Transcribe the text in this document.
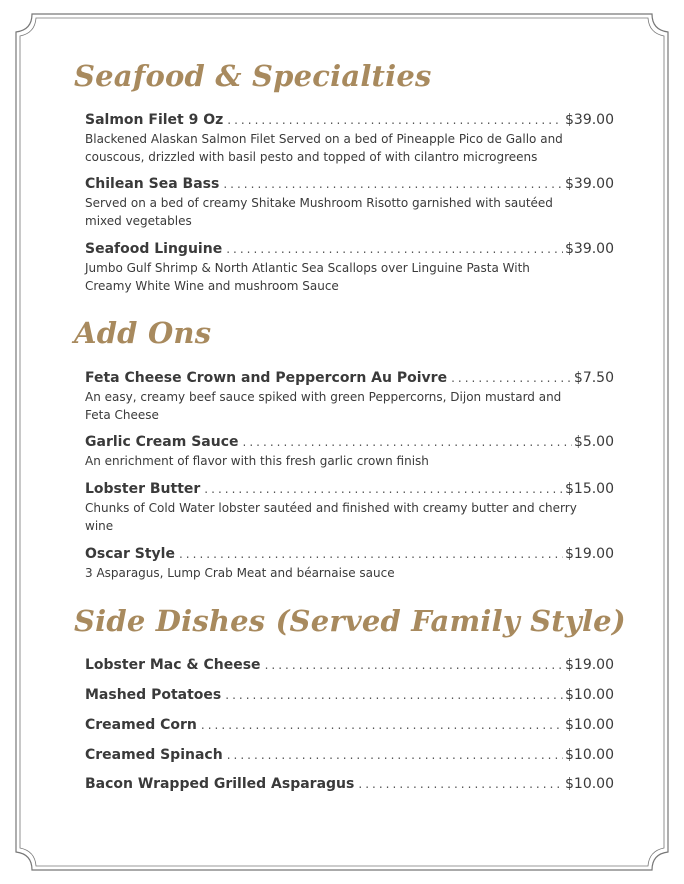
Seafood & Specialties
Salmon Filet 9 Oz . . .	$39.00
Blackened Alaskan Salmon Filet Served on a bed of Pineapple Pico de Gallo and couscous, drizzled with basil pesto and topped of with cilantro microgreens
Chilean Sea Bass . . .	$39.00
Served on a bed of creamy Shitake Mushroom Risotto garnished with sautéed mixed vegetables
Seafood Linguine . . .	$39.00
Jumbo Gulf Shrimp & North Atlantic Sea Scallops over Linguine Pasta With Creamy White Wine and mushroom Sauce
Add Ons
Feta Cheese Crown and Peppercorn Au Poivre . . .	$7.50
An easy, creamy beef sauce spiked with green Peppercorns, Dijon mustard and Feta Cheese
Garlic Cream Sauce . . .	$5.00
An enrichment of flavor with this fresh garlic crown finish
Lobster Butter . . .	$15.00
Chunks of Cold Water lobster sautéed and finished with creamy butter and cherry wine
Oscar Style . . .	$19.00
3 Asparagus, Lump Crab Meat and béarnaise sauce
Side Dishes (Served Family Style)
Lobster Mac & Cheese . . .	$19.00
Mashed Potatoes . . .	$10.00
Creamed Corn . . .	$10.00
Creamed Spinach . . .	$10.00
Bacon Wrapped Grilled Asparagus . . .	$10.00
